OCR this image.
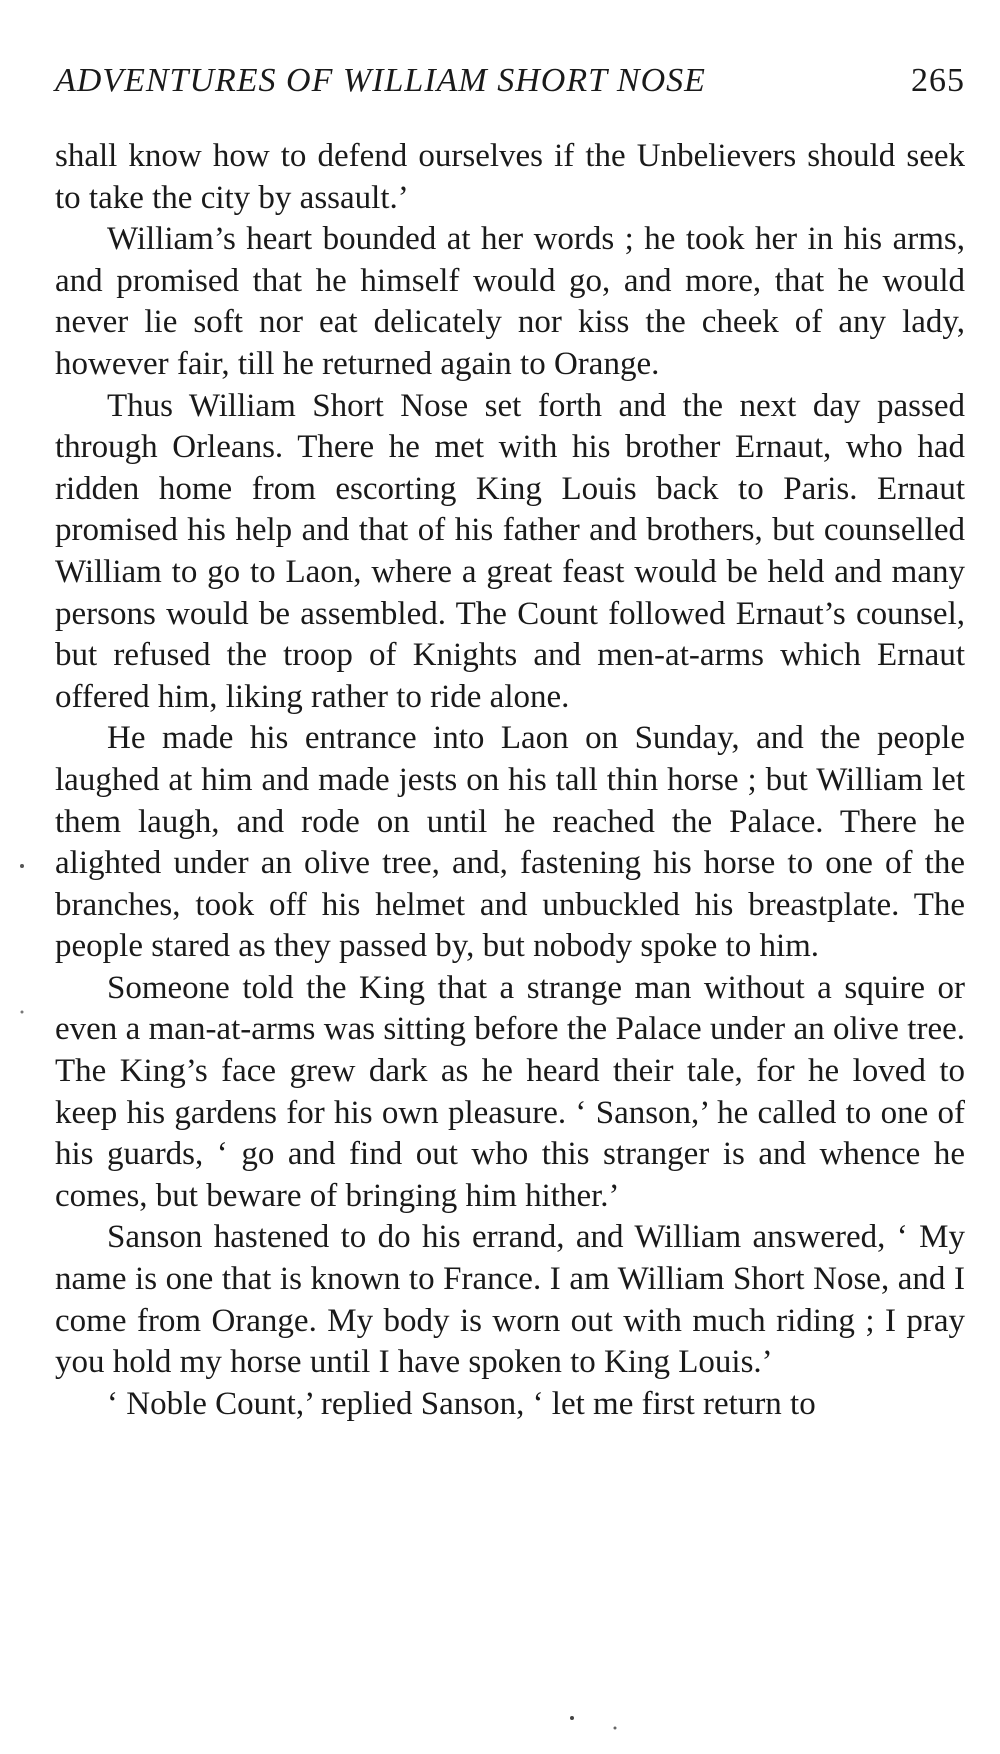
ADVENTURES OF WILLIAM SHORT NOSE	265

shall know how to defend ourselves if the Unbelievers should seek to take the city by assault.’

William’s heart bounded at her words ; he took her in his arms, and promised that he himself would go, and more, that he would never lie soft nor eat delicately nor kiss the cheek of any lady, however fair, till he returned again to Orange.

Thus William Short Nose set forth and the next day passed through Orleans. There he met with his brother Ernaut, who had ridden home from escorting King Louis back to Paris. Ernaut promised his help and that of his father and brothers, but counselled William to go to Laon, where a great feast would be held and many persons would be assembled. The Count followed Ernaut’s counsel, but refused the troop of Knights and men-at-arms which Ernaut offered him, liking rather to ride alone.

He made his entrance into Laon on Sunday, and the people laughed at him and made jests on his tall thin horse ; but William let them laugh, and rode on until he reached the Palace. There he alighted under an olive tree, and, fastening his horse to one of the branches, took off his helmet and unbuckled his breastplate. The people stared as they passed by, but nobody spoke to him.

Someone told the King that a strange man without a squire or even a man-at-arms was sitting before the Palace under an olive tree. The King’s face grew dark as he heard their tale, for he loved to keep his gardens for his own pleasure. ‘ Sanson,’ he called to one of his guards, ‘ go and find out who this stranger is and whence he comes, but beware of bringing him hither.’

Sanson hastened to do his errand, and William answered, ‘ My name is one that is known to France. I am William Short Nose, and I come from Orange. My body is worn out with much riding ; I pray you hold my horse until I have spoken to King Louis.’

‘ Noble Count,’ replied Sanson, ‘ let me first return to
